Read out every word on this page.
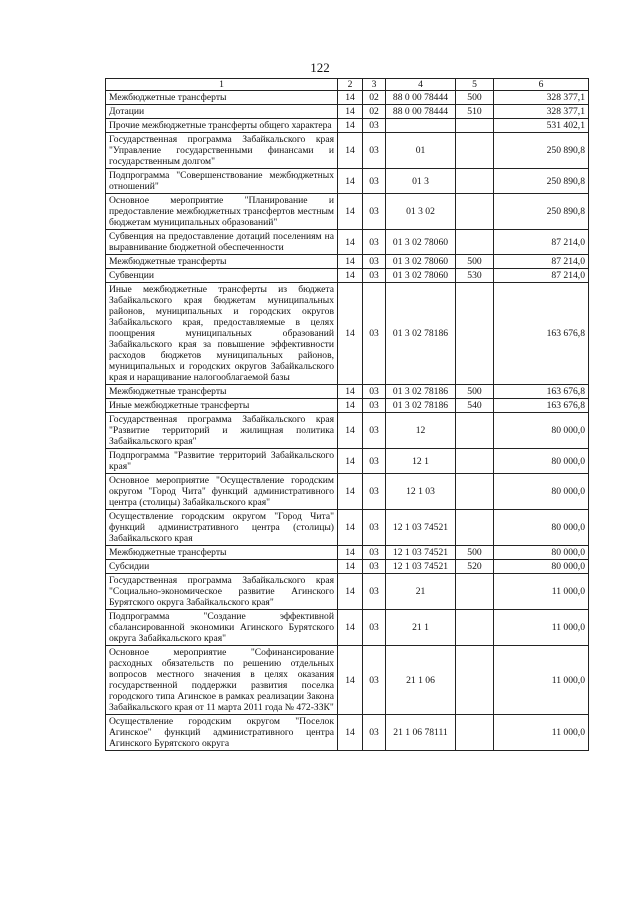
122
1	2	3	4	5	6
Межбюджетные трансферты	14	02	88 0 00 78444	500	328 377,1
Дотации	14	02	88 0 00 78444	510	328 377,1
Прочие межбюджетные трансферты общего характера	14	03			531 402,1
Государственная программа Забайкальского края "Управление государственными финансами и государственным долгом"	14	03	01		250 890,8
Подпрограмма "Совершенствование межбюджетных отношений"	14	03	01 3		250 890,8
Основное мероприятие "Планирование и предоставление межбюджетных трансфертов местным бюджетам муниципальных образований"	14	03	01 3 02		250 890,8
Субвенция на предоставление дотаций поселениям на выравнивание бюджетной обеспеченности	14	03	01 3 02 78060		87 214,0
Межбюджетные трансферты	14	03	01 3 02 78060	500	87 214,0
Субвенции	14	03	01 3 02 78060	530	87 214,0
Иные межбюджетные трансферты из бюджета Забайкальского края бюджетам муниципальных районов, муниципальных и городских округов Забайкальского края, предоставляемые в целях поощрения муниципальных образований Забайкальского края за повышение эффективности расходов бюджетов муниципальных районов, муниципальных и городских округов Забайкальского края и наращивание налогооблагаемой базы	14	03	01 3 02 78186		163 676,8
Межбюджетные трансферты	14	03	01 3 02 78186	500	163 676,8
Иные межбюджетные трансферты	14	03	01 3 02 78186	540	163 676,8
Государственная программа Забайкальского края "Развитие территорий и жилищная политика Забайкальского края"	14	03	12		80 000,0
Подпрограмма "Развитие территорий Забайкальского края"	14	03	12 1		80 000,0
Основное мероприятие "Осуществление городским округом "Город Чита" функций административного центра (столицы) Забайкальского края"	14	03	12 1 03		80 000,0
Осуществление городским округом "Город Чита" функций административного центра (столицы) Забайкальского края	14	03	12 1 03 74521		80 000,0
Межбюджетные трансферты	14	03	12 1 03 74521	500	80 000,0
Субсидии	14	03	12 1 03 74521	520	80 000,0
Государственная программа Забайкальского края "Социально-экономическое развитие Агинского Бурятского округа Забайкальского края"	14	03	21		11 000,0
Подпрограмма "Создание эффективной сбалансированной экономики Агинского Бурятского округа Забайкальского края"	14	03	21 1		11 000,0
Основное мероприятие "Софинансирование расходных обязательств по решению отдельных вопросов местного значения в целях оказания государственной поддержки развития поселка городского типа Агинское в рамках реализации Закона Забайкальского края от 11 марта 2011 года № 472-ЗЗК"	14	03	21 1 06		11 000,0
Осуществление городским округом "Поселок Агинское" функций административного центра Агинского Бурятского округа	14	03	21 1 06 78111		11 000,0
